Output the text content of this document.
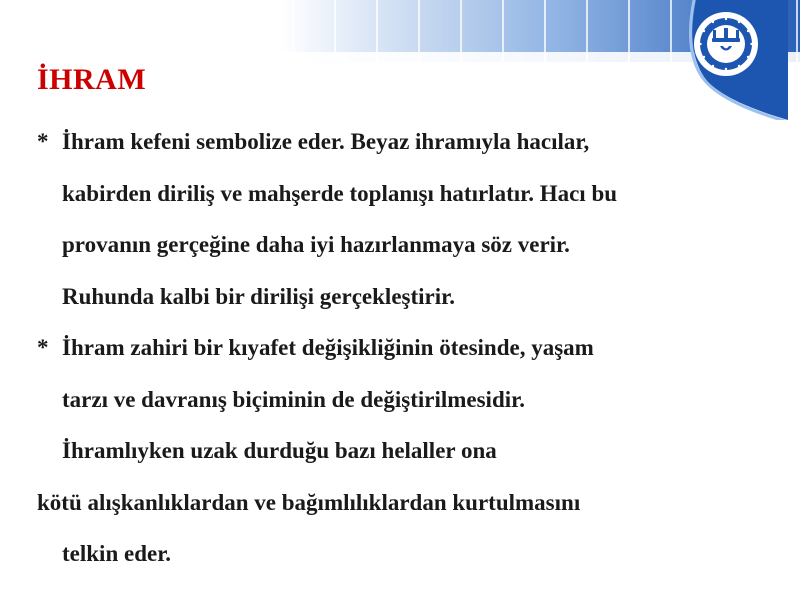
İHRAM
* İhram kefeni sembolize eder. Beyaz ihramıyla hacılar,
kabirden diriliş ve mahşerde toplanışı hatırlatır. Hacı bu
provanın gerçeğine daha iyi hazırlanmaya söz verir.
Ruhunda kalbi bir dirilişi gerçekleştirir.
* İhram zahiri bir kıyafet değişikliğinin ötesinde, yaşam
tarzı ve davranış biçiminin de değiştirilmesidir.
İhramlıyken uzak durduğu bazı helaller ona
kötü alışkanlıklardan ve bağımlılıklardan kurtulmasını
telkin eder.
